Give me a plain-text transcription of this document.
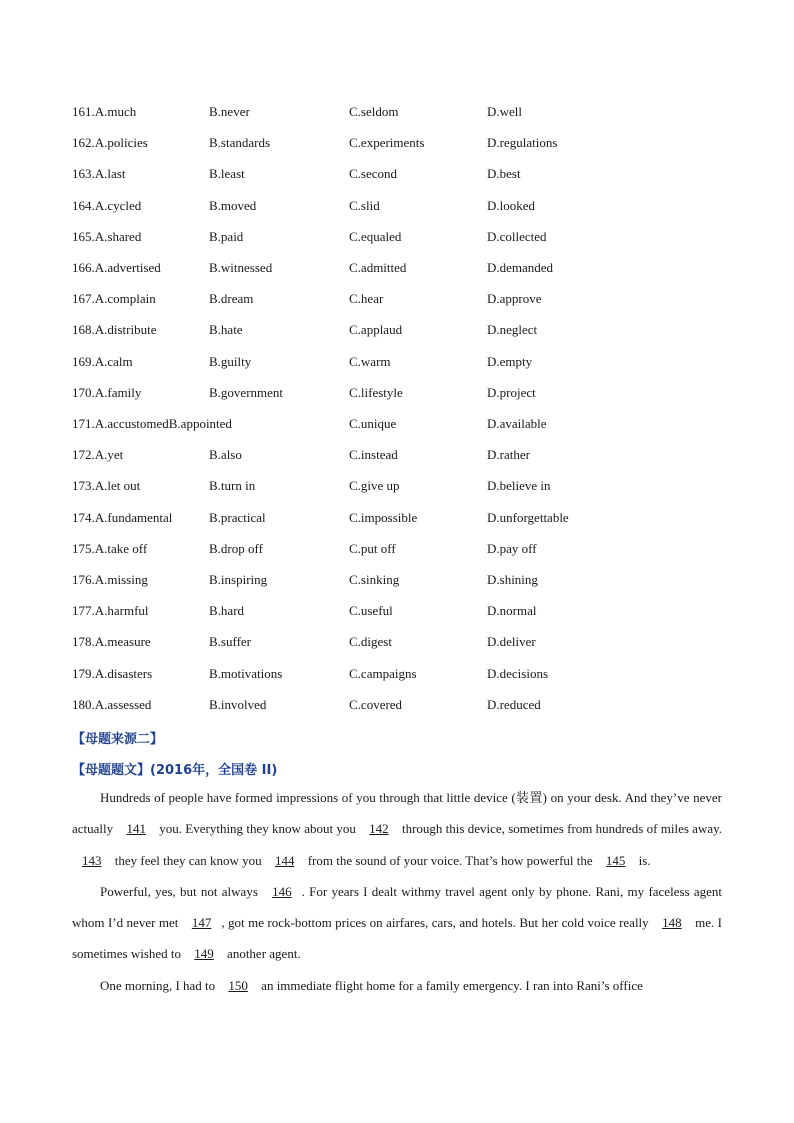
161.A.much	B.never	C.seldom	D.well
162.A.policies	B.standards	C.experiments	D.regulations
163.A.last	B.least	C.second	D.best
164.A.cycled	B.moved	C.slid	D.looked
165.A.shared	B.paid	C.equaled	D.collected
166.A.advertised	B.witnessed	C.admitted	D.demanded
167.A.complain	B.dream	C.hear	D.approve
168.A.distribute	B.hate	C.applaud	D.neglect
169.A.calm	B.guilty	C.warm	D.empty
170.A.family	B.government	C.lifestyle	D.project
171.A.accustomedB.appointed	C.unique	D.available
172.A.yet	B.also	C.instead	D.rather
173.A.let out	B.turn in	C.give up	D.believe in
174.A.fundamental	B.practical	C.impossible	D.unforgettable
175.A.take off	B.drop off	C.put off	D.pay off
176.A.missing	B.inspiring	C.sinking	D.shining
177.A.harmful	B.hard	C.useful	D.normal
178.A.measure	B.suffer	C.digest	D.deliver
179.A.disasters	B.motivations	C.campaigns	D.decisions
180.A.assessed	B.involved	C.covered	D.reduced
【母题来源二】
【母题题文】(2016年，全国卷 II)

Hundreds of people have formed impressions of you through that little device (装置) on your desk. And they’ve never actually 141 you. Everything they know about you 142 through this device, sometimes from hundreds of miles away. 143 they feel they can know you 144 from the sound of your voice. That’s how powerful the 145 is.

Powerful, yes, but not always 146 . For years I dealt withmy travel agent only by phone. Rani, my faceless agent whom I’d never met 147 , got me rock-bottom prices on airfares, cars, and hotels. But her cold voice really 148 me. I sometimes wished to 149 another agent.

One morning, I had to 150 an immediate flight home for a family emergency. I ran into Rani’s office
